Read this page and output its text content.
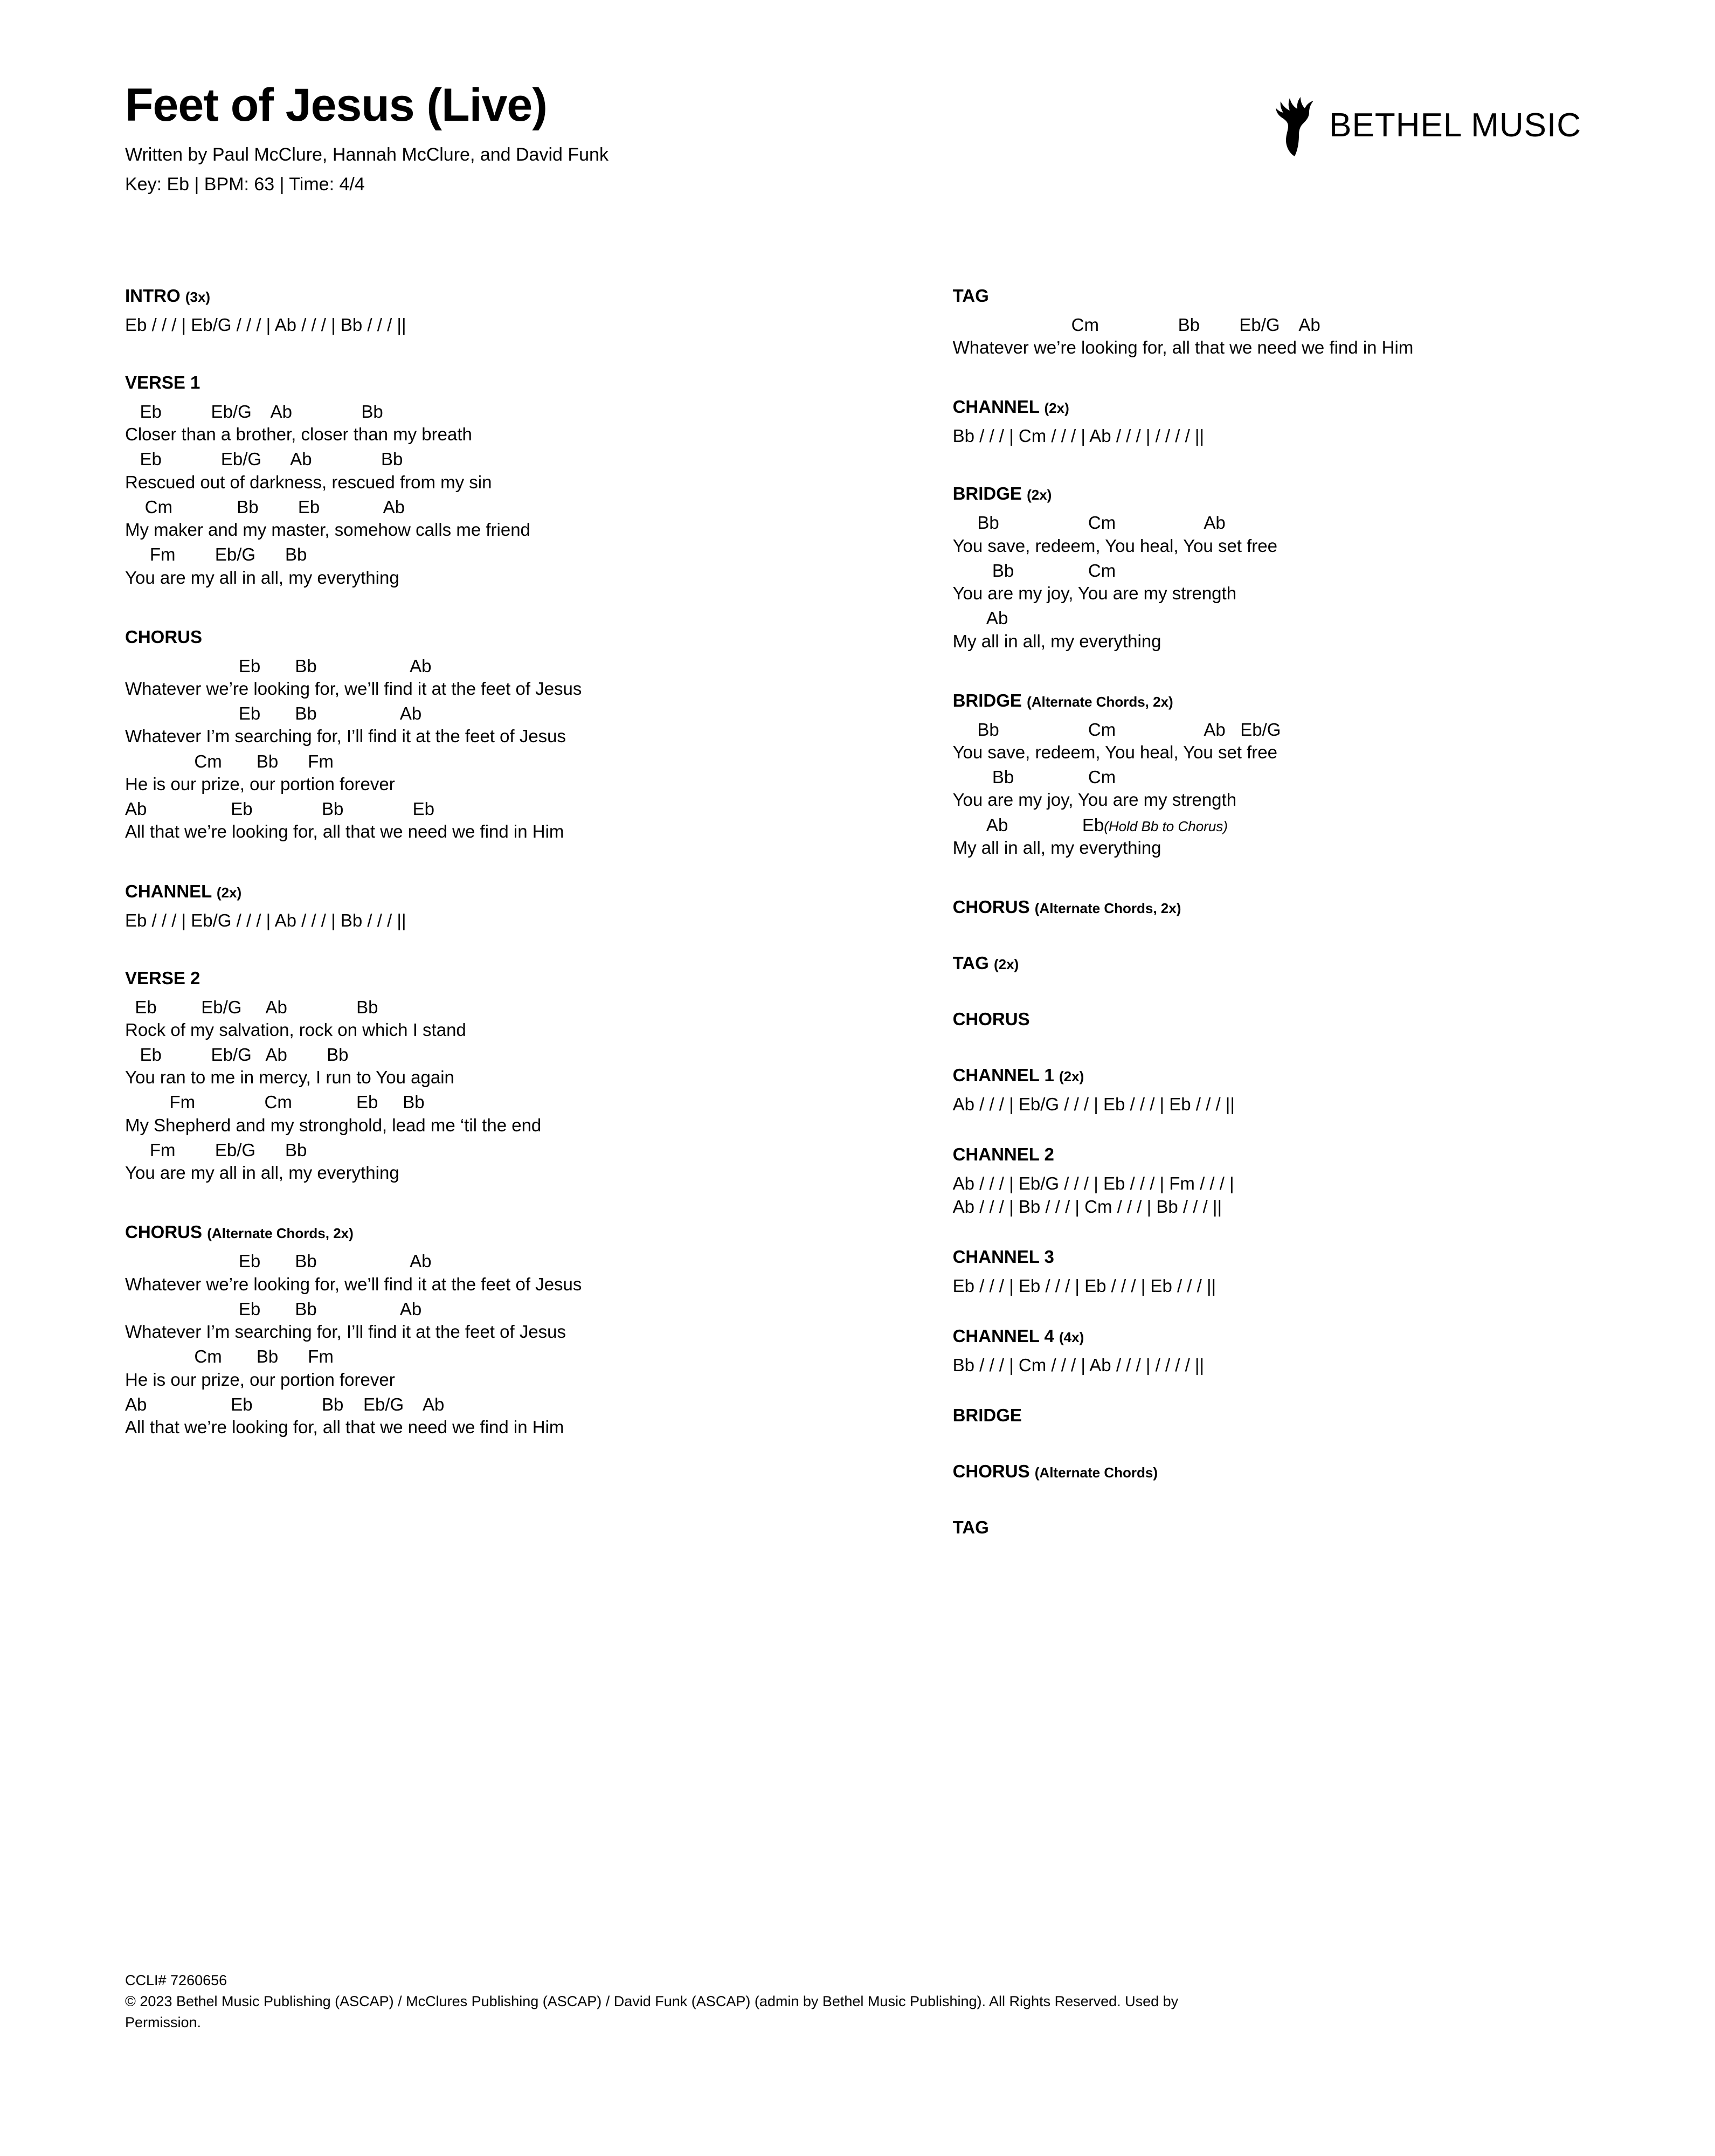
Feet of Jesus (Live)
Written by Paul McClure, Hannah McClure, and David Funk
Key: Eb | BPM: 63 | Time: 4/4
BETHEL MUSIC
INTRO (3x)
Eb / / / | Eb/G / / / | Ab / / / | Bb / / / ||
VERSE 1
Eb          Eb/G    Ab              Bb
Closer than a brother, closer than my breath
Eb            Eb/G      Ab              Bb
Rescued out of darkness, rescued from my sin
Cm             Bb        Eb             Ab
My maker and my master, somehow calls me friend
Fm        Eb/G      Bb
You are my all in all, my everything
CHORUS
Eb       Bb                   Ab
Whatever we’re looking for, we’ll find it at the feet of Jesus
Eb       Bb                 Ab
Whatever I’m searching for, I’ll find it at the feet of Jesus
Cm       Bb      Fm
He is our prize, our portion forever
Ab                 Eb              Bb              Eb
All that we’re looking for, all that we need we find in Him
CHANNEL (2x)
Eb / / / | Eb/G / / / | Ab / / / | Bb / / / ||
VERSE 2
Eb         Eb/G     Ab              Bb
Rock of my salvation, rock on which I stand
Eb          Eb/G   Ab        Bb
You ran to me in mercy, I run to You again
Fm              Cm             Eb     Bb
My Shepherd and my stronghold, lead me ‘til the end
Fm        Eb/G      Bb
You are my all in all, my everything
CHORUS (Alternate Chords, 2x)
Eb       Bb                   Ab
Whatever we’re looking for, we’ll find it at the feet of Jesus
Eb       Bb                 Ab
Whatever I’m searching for, I’ll find it at the feet of Jesus
Cm       Bb      Fm
He is our prize, our portion forever
Ab                 Eb              Bb    Eb/G    Ab
All that we’re looking for, all that we need we find in Him
TAG
Cm                Bb        Eb/G    Ab
Whatever we’re looking for, all that we need we find in Him
CHANNEL (2x)
Bb / / / | Cm / / / | Ab / / / | / / / / ||
BRIDGE (2x)
Bb                  Cm                  Ab
You save, redeem, You heal, You set free
Bb               Cm
You are my joy, You are my strength
Ab
My all in all, my everything
BRIDGE (Alternate Chords, 2x)
Bb                  Cm                  Ab   Eb/G
You save, redeem, You heal, You set free
Bb               Cm
You are my joy, You are my strength
Ab               Eb(Hold Bb to Chorus)
My all in all, my everything
CHORUS (Alternate Chords, 2x)
TAG (2x)
CHORUS
CHANNEL 1 (2x)
Ab / / / | Eb/G / / / | Eb / / / | Eb / / / ||
CHANNEL 2
Ab / / / | Eb/G / / / | Eb / / / | Fm / / / |
Ab / / / | Bb / / / | Cm / / / | Bb / / / ||
CHANNEL 3
Eb / / / | Eb / / / | Eb / / / | Eb / / / ||
CHANNEL 4 (4x)
Bb / / / | Cm / / / | Ab / / / | / / / / ||
BRIDGE
CHORUS (Alternate Chords)
TAG
CCLI# 7260656
© 2023 Bethel Music Publishing (ASCAP) / McClures Publishing (ASCAP) / David Funk (ASCAP) (admin by Bethel Music Publishing). All Rights Reserved. Used by
Permission.
